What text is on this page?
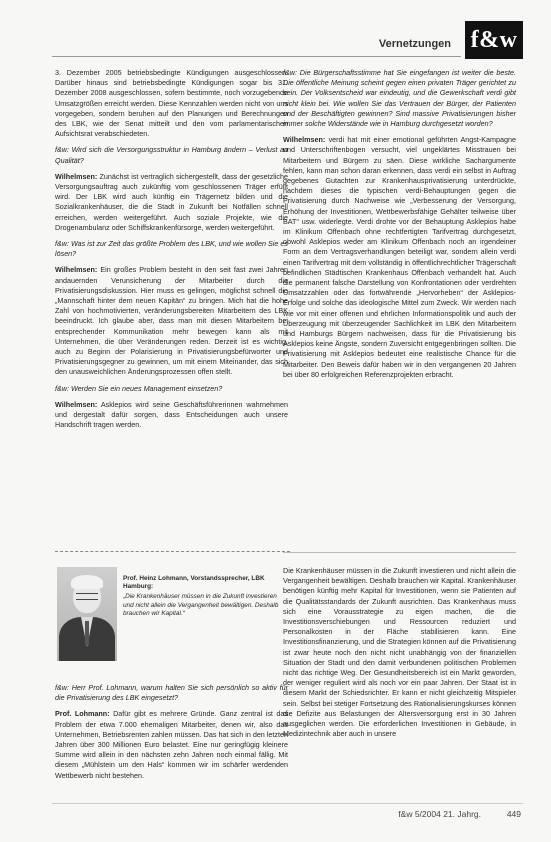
Vernetzungen f&w

3. Dezember 2005 betriebsbedingte Kündigungen ausgeschlossen. Darüber hinaus sind betriebsbedingte Kündigungen sogar bis 31. Dezember 2008 ausgeschlossen, sofern bestimmte, noch vorzugebende Umsatzgrößen erreicht werden. Diese Kennzahlen werden nicht von uns vorgegeben, sondern beruhen auf den Planungen und Berechnungen des LBK, wie der Senat mitteilt und den vom parlamentarischen Aufsichtsrat verabschiedeten.

f&w: Wird sich die Versorgungsstruktur in Hamburg ändern – Verlust an Qualität?

Wilhelmsen: Zunächst ist vertraglich sichergestellt, dass der gesetzliche Versorgungsauftrag auch zukünftig vom geschlossenen Träger erfüllt wird. Der LBK wird auch künftig ein Trägernetz bilden und die Sozialkrankenhäuser, die die Stadt in Zukunft bei Notfällen schnell erreichen, werden weitergeführt. Auch soziale Projekte, wie die Drogenambulanz oder Schiffskrankenfürsorge, werden weitergeführt.

f&w: Was ist zur Zeit das größte Problem des LBK, und wie wollen Sie es lösen?

Wilhelmsen: Ein großes Problem besteht in den seit fast zwei Jahren andauernden Verunsicherung der Mitarbeiter durch die Privatisierungsdiskussion. Hier muss es gelingen, möglichst schnell die „Mannschaft hinter dem neuen Kapitän“ zu bringen. Mich hat die hohe Zahl von hochmotivierten, veränderungsbereiten Mitarbeitern des LBK beeindruckt. Ich glaube aber, dass man mit diesen Mitarbeitern bei entsprechender Kommunikation mehr bewegen kann als mit Unternehmen, die über Veränderungen reden. Derzeit ist es wichtig, auch zu Beginn der Polarisierung in Privatisierungsbefürworter und Privatisierungsgegner zu gewinnen, um mit einem Miteinander, das sich den unausweichlichen Änderungsprozessen offen stellt.

f&w: Werden Sie ein neues Management einsetzen?

Wilhelmsen: Asklepios wird seine Geschäftsführerinnen wahrnehmen und dergestalt dafür sorgen, dass Entscheidungen auch unsere Handschrift tragen werden.

f&w: Die Bürgerschaftsstimme hat Sie eingefangen ist weiter die beste. Die öffentliche Meinung scheint gegen einen privaten Träger gerichtet zu sein. Der Volksentscheid war eindeutig, und die Gewerkschaft verdi gibt nicht klein bei. Wie wollen Sie das Vertrauen der Bürger, der Patienten und der Beschäftigten gewinnen? Sind massive Privatisierungen bisher immer solche Widerstände wie in Hamburg durchgesetzt worden?

Wilhelmsen: verdi hat mit einer emotional geführten Angst-Kampagne und Unterschriftenbogen versucht, viel ungeklärtes Misstrauen bei Mitarbeitern und Bürgern zu säen. Diese wirkliche Sachargumente fehlen, kann man schon daran erkennen, dass verdi ein selbst in Auftrag gegebenes Gutachten zur Krankenhausprivatisierung unterdrückte, nachdem dieses die typischen verdi-Behauptungen gegen die Privatisierung durch Nachweise wie „Verbesserung der Versorgung, Erhöhung der Investitionen, Wettbewerbsfähige Gehälter teilweise über BAT“ usw. widerlegte. Verdi drohte vor der Behauptung Asklepios habe im Klinikum Offenbach ohne rechtfertigten Tarifvertrag durchgesetzt, obwohl Asklepios weder am Klinikum Offenbach noch an irgendeiner Form an dem Vertragsverhandlungen beteiligt war, sondern allein verdi einen Tarifvertrag mit dem vollständig in öffentlichrechtlicher Trägerschaft befindlichen Städtischen Krankenhaus Offenbach verhandelt hat. Auch die permanent falsche Darstellung von Konfrontationen oder verdrehten Umsatzzahlen oder das fortwährende „Hervorheben“ der Asklepios-Erfolge und solche das ideologische Mittel zum Zweck. Wir werden nach wie vor mit einer offenen und ehrlichen Informationspolitik und auch der Überzeugung mit überzeugender Sachlichkeit im LBK den Mitarbeitern und Hamburgs Bürgern nachweisen, dass für die Privatisierung bis Asklepios keine Ängste, sondern Zuversicht entgegenbringen sollten. Die Privatisierung mit Asklepios bedeutet eine realistische Chance für die Mitarbeiter. Den Beweis dafür haben wir in den vergangenen 20 Jahren bei über 80 erfolgreichen Referenzprojekten erbracht.

Prof. Heinz Lohmann, Vorstandssprecher, LBK Hamburg:
„Die Krankenhäuser müssen in die Zukunft investieren und nicht allein die Vergangenheit bewältigen. Deshalb brauchen wir Kapital.“

Die Krankenhäuser müssen in die Zukunft investieren und nicht allein die Vergangenheit bewältigen. Deshalb brauchen wir Kapital. Krankenhäuser benötigen künftig mehr Kapital für Investitionen, wenn sie Patienten auf die Qualitätsstandards der Zukunft ausrichten. Das Krankenhaus muss sich eine Vorausstrategie zu eigen machen, die die Investitionsverschiebungen und Ressourcen reduziert und Personalkosten in der Fläche stabilisieren kann. Eine Investitionsfinanzierung, und die Strategien können auf die Privatisierung ist zwar heute noch den nicht nicht unabhängig von der finanziellen Situation der Stadt und den damit verbundenen politischen Problemen nicht das richtige Weg. Der Gesundheitsbereich ist ein Markt geworden, der weniger reguliert wird als noch vor ein paar Jahren. Der Staat ist in diesem Markt der Schiedsrichter. Er kann er nicht gleichzeitig Mitspieler sein. Selbst bei stetiger Fortsetzung des Rationalisierungskurses können die Defizite aus Belastungen der Altersversorgung erst in 30 Jahren ausgeglichen werden. Die erforderlichen Investitionen in Gebäude, in Medizintechnik aber auch in unsere

f&w: Herr Prof. Lohmann, warum halten Sie sich persönlich so aktiv für die Privatisierung des LBK eingesetzt?

Prof. Lohmann: Dafür gibt es mehrere Gründe. Ganz zentral ist das Problem der etwa 7.000 ehemaligen Mitarbeiter, denen wir, also das Unternehmen, Betriebsrenten zahlen müssen. Das hat sich in den letzten Jahren über 300 Millionen Euro belastet. Eine nur geringfügig kleinere Summe wird allein in den nächsten zehn Jahren noch einmal fällig. Mit diesem „Mühlstein um den Hals“ kommen wir im schärfer werdenden Wettbewerb nicht bestehen.

f&w 5/2004 21. Jahrg.	449
